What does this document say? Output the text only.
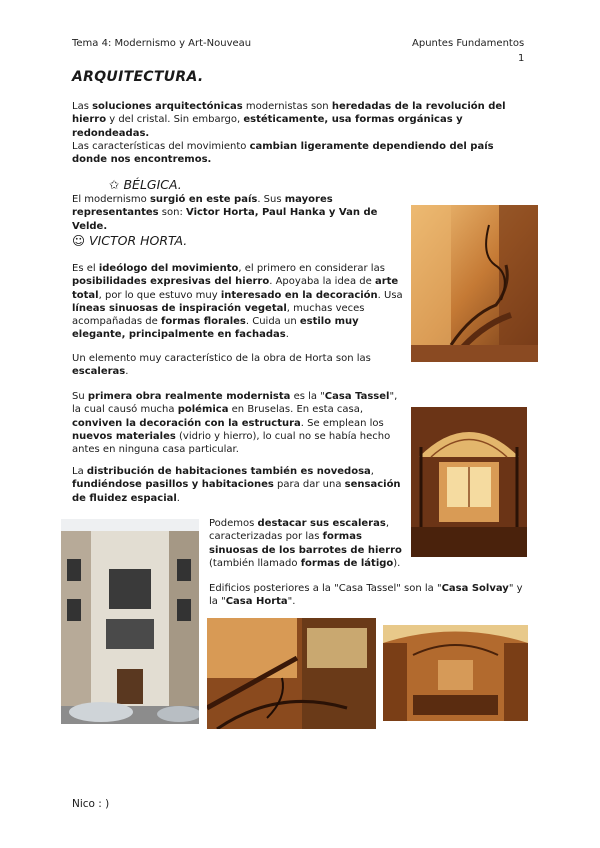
Tema 4: Modernismo y Art-Nouveau	Apuntes Fundamentos
1
ARQUITECTURA.

Las soluciones arquitectónicas modernistas son heredadas de la revolución del hierro y del cristal. Sin embargo, estéticamente, usa formas orgánicas y redondeadas.

Las características del movimiento cambian ligeramente dependiendo del país donde nos encontremos.

✩ BÉLGICA.

El modernismo surgió en este país. Sus mayores representantes son: Victor Horta, Paul Hanka y Van de Velde.

☺ VICTOR HORTA.

Es el ideólogo del movimiento, el primero en considerar las posibilidades expresivas del hierro. Apoyaba la idea de arte total, por lo que estuvo muy interesado en la decoración. Usa líneas sinuosas de inspiración vegetal, muchas veces acompañadas de formas florales. Cuida un estilo muy elegante, principalmente en fachadas.

Un elemento muy característico de la obra de Horta son las escaleras.

Su primera obra realmente modernista es la "Casa Tassel", la cual causó mucha polémica en Bruselas. En esta casa, conviven la decoración con la estructura. Se emplean los nuevos materiales (vidrio y hierro), lo cual no se había hecho antes en ninguna casa particular.

La distribución de habitaciones también es novedosa, fundiéndose pasillos y habitaciones para dar una sensación de fluidez espacial.

Podemos destacar sus escaleras, caracterizadas por las formas sinuosas de los barrotes de hierro (también llamado formas de látigo).

Edificios posteriores a la "Casa Tassel" son la "Casa Solvay" y la "Casa Horta".

Nico : )
